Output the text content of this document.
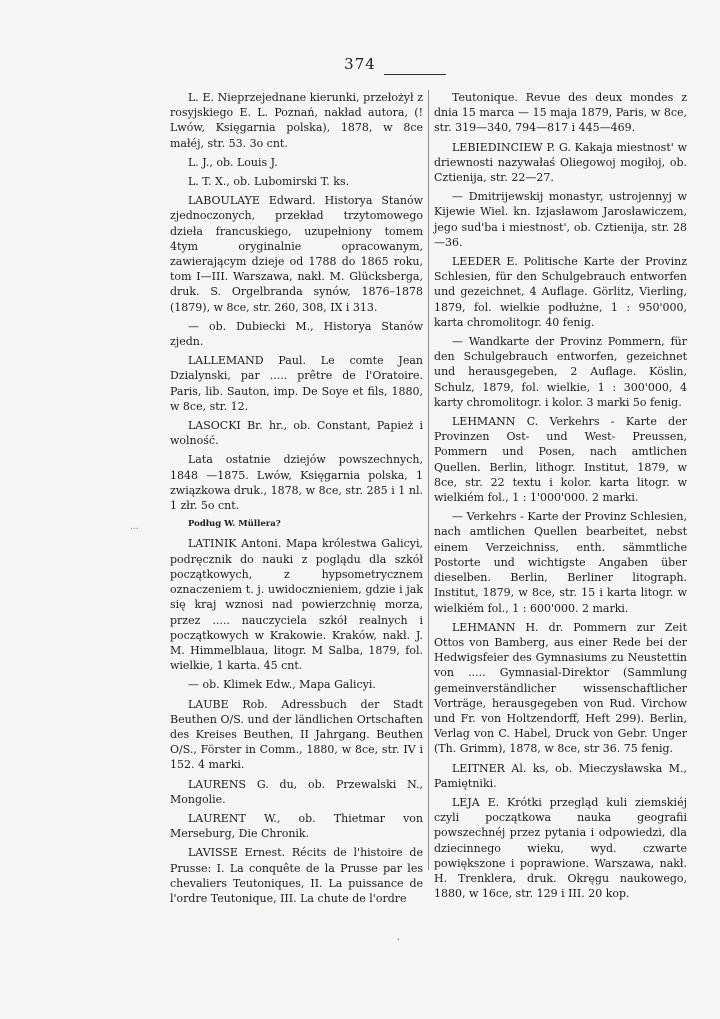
374
...

L. E. Nieprzejednane kierunki, przełożył z rosyjskiego E. L. Poznań, nakład autora, (! Lwów, Księgarnia polska), 1878, w 8ce małéj, str. 53. 3o cnt.

L. J., ob. Louis J.

L. T. X., ob. Lubomirski T. ks.

LABOULAYE Edward. Historya Stanów zjednoczonych, przekład trzytomowego dzieła francuskiego, uzupełniony tomem 4tym oryginalnie opracowanym, zawierającym dzieje od 1788 do 1865 roku, tom I—III. Warszawa, nakł. M. Glücksberga, druk. S. Orgelbranda synów, 1876–1878 (1879), w 8ce, str. 260, 308, IX i 313.

— ob. Dubiecki M., Historya Stanów zjedn.

LALLEMAND Paul. Le comte Jean Dzialynski, par ..... prêtre de l'Oratoire. Paris, lib. Sauton, imp. De Soye et fils, 1880, w 8ce, str. 12.

LASOCKI Br. hr., ob. Constant, Papież i wolność.

Lata ostatnie dziejów powszechnych, 1848 —1875. Lwów, Księgarnia polska, 1 związkowa druk., 1878, w 8ce, str. 285 i 1 nl. 1 złr. 5o cnt.

Podług W. Müllera?

LATINIK Antoni. Mapa królestwa Galicyi, podręcznik do nauki z poglądu dla szkół początkowych, z hypsometrycznem oznaczeniem t. j. uwidocznieniem, gdzie i jak się kraj wznosi nad powierzchnię morza, przez ..... nauczyciela szkół realnych i początkowych w Krakowie. Kraków, nakł. J. M. Himmelblaua, litogr. M Salba, 1879, fol. wielkie, 1 karta. 45 cnt.

— ob. Klimek Edw., Mapa Galicyi.

LAUBE Rob. Adressbuch der Stadt Beuthen O/S. und der ländlichen Ortschaften des Kreises Beuthen, II Jahrgang. Beuthen O/S., Förster in Comm., 1880, w 8ce, str. IV i 152. 4 marki.

LAURENS G. du, ob. Przewalski N., Mongolie.

LAURENT W., ob. Thietmar von Merseburg, Die Chronik.

LAVISSE Ernest. Récits de l'histoire de Prusse: I. La conquête de la Prusse par les chevaliers Teutoniques, II. La puissance de l'ordre Teutonique, III. La chute de l'ordre

Teutonique. Revue des deux mondes z dnia 15 marca — 15 maja 1879, Paris, w 8ce, str. 319—340, 794—817 i 445—469.

LEBIEDINCIEW P. G. Kakaja miestnost' w driewnosti nazywałaś Oliegowoj mogiłoj, ob. Cztienija, str. 22—27.

— Dmitrijewskij monastyr, ustrojennyj w Kijewie Wiel. kn. Izjasławom Jarosławiczem, jego sud'ba i miestnost', ob. Cztienija, str. 28—36.

LEEDER E. Politische Karte der Provinz Schlesien, für den Schulgebrauch entworfen und gezeichnet, 4 Auflage. Görlitz, Vierling, 1879, fol. wielkie podłużne, 1 : 950'000, karta chromolitogr. 40 fenig.

— Wandkarte der Provinz Pommern, für den Schulgebrauch entworfen, gezeichnet und herausgegeben, 2 Auflage. Köslin, Schulz, 1879, fol. wielkie, 1 : 300'000, 4 karty chromolitogr. i kolor. 3 marki 5o fenig.

LEHMANN C. Verkehrs - Karte der Provinzen Ost- und West- Preussen, Pommern und Posen, nach amtlichen Quellen. Berlin, lithogr. Institut, 1879, w 8ce, str. 22 textu i kolor. karta litogr. w wielkiém fol., 1 : 1'000'000. 2 marki.

— Verkehrs - Karte der Provinz Schlesien, nach amtlichen Quellen bearbeitet, nebst einem Verzeichniss, enth. sämmtliche Postorte und wichtigste Angaben über dieselben. Berlin, Berliner litograph. Institut, 1879, w 8ce, str. 15 i karta litogr. w wielkiém fol., 1 : 600'000. 2 marki.

LEHMANN H. dr. Pommern zur Zeit Ottos von Bamberg, aus einer Rede bei der Hedwigsfeier des Gymnasiums zu Neustettin von ..... Gymnasial-Direktor (Sammlung gemeinverständlicher wissenschaftlicher Vorträge, herausgegeben von Rud. Virchow und Fr. von Holtzendorff, Heft 299). Berlin, Verlag von C. Habel, Druck von Gebr. Unger (Th. Grimm), 1878, w 8ce, str 36. 75 fenig.

LEITNER Al. ks, ob. Mieczysławska M., Pamiętniki.

LEJA E. Krótki przegląd kuli ziemskiéj czyli początkowa nauka geografii powszechnéj przez pytania i odpowiedzi, dla dziecinnego wieku, wyd. czwarte powiększone i poprawione. Warszawa, nakł. H. Trenklera, druk. Okręgu naukowego, 1880, w 16ce, str. 129 i III. 20 kop.

'
